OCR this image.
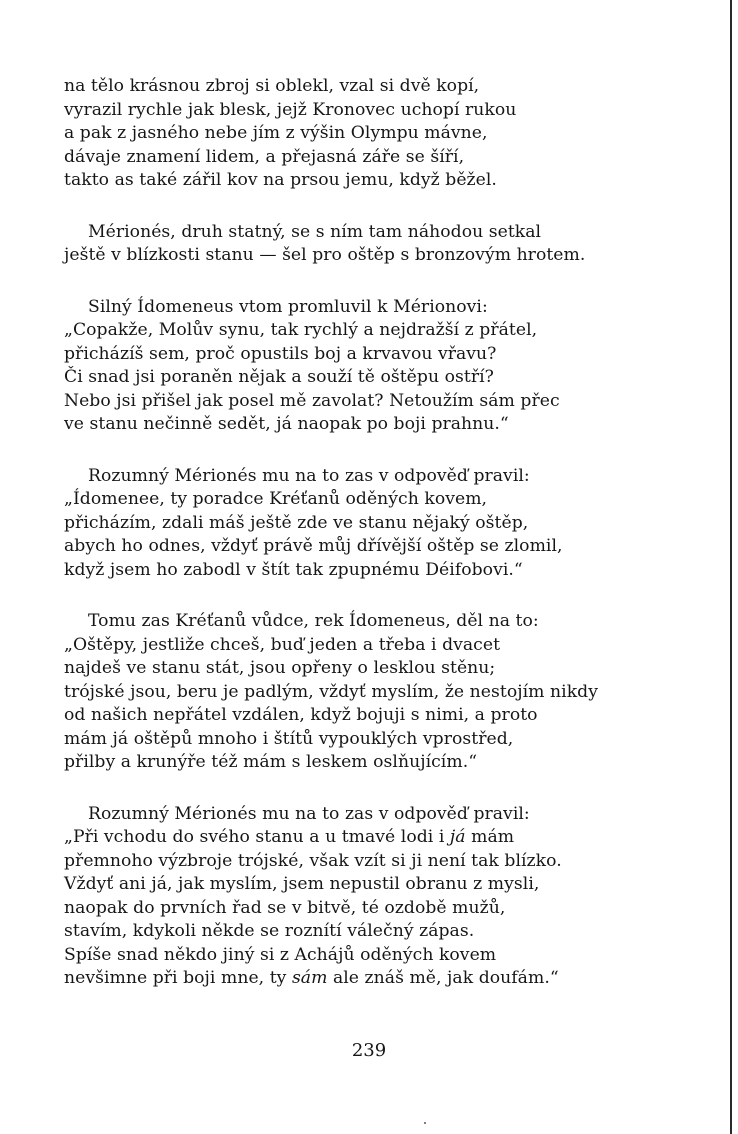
na tělo krásnou zbroj si oblekl, vzal si dvě kopí,
vyrazil rychle jak blesk, jejž Kronovec uchopí rukou
a pak z jasného nebe jím z výšin Olympu mávne,
dávaje znamení lidem, a přejasná záře se šíří,
takto as také zářil kov na prsou jemu, když běžel.
Mérionés, druh statný, se s ním tam náhodou setkal
ještě v blízkosti stanu — šel pro oštěp s bronzovým hrotem.
Silný Ídomeneus vtom promluvil k Mérionovi:
„Copakže, Molův synu, tak rychlý a nejdražší z přátel,
přicházíš sem, proč opustils boj a krvavou vřavu?
Či snad jsi poraněn nějak a souží tě oštěpu ostří?
Nebo jsi přišel jak posel mě zavolat? Netoužím sám přec
ve stanu nečinně sedět, já naopak po boji prahnu.“
Rozumný Mérionés mu na to zas v odpověď pravil:
„Ídomenee, ty poradce Kréťanů oděných kovem,
přicházím, zdali máš ještě zde ve stanu nějaký oštěp,
abych ho odnes, vždyť právě můj dřívější oštěp se zlomil,
když jsem ho zabodl v štít tak zpupnému Déifobovi.“
Tomu zas Kréťanů vůdce, rek Ídomeneus, děl na to:
„Oštěpy, jestliže chceš, buď jeden a třeba i dvacet
najdeš ve stanu stát, jsou opřeny o lesklou stěnu;
trójské jsou, beru je padlým, vždyť myslím, že nestojím nikdy
od našich nepřátel vzdálen, když bojuji s nimi, a proto
mám já oštěpů mnoho i štítů vypouklých vprostřed,
přilby a krunýře též mám s leskem oslňujícím.“
Rozumný Mérionés mu na to zas v odpověď pravil:
„Při vchodu do svého stanu a u tmavé lodi i já mám
přemnoho výzbroje trójské, však vzít si ji není tak blízko.
Vždyť ani já, jak myslím, jsem nepustil obranu z mysli,
naopak do prvních řad se v bitvě, té ozdobě mužů,
stavím, kdykoli někde se roznítí válečný zápas.
Spíše snad někdo jiný si z Achájů oděných kovem
nevšimne při boji mne, ty sám ale znáš mě, jak doufám.“
239
